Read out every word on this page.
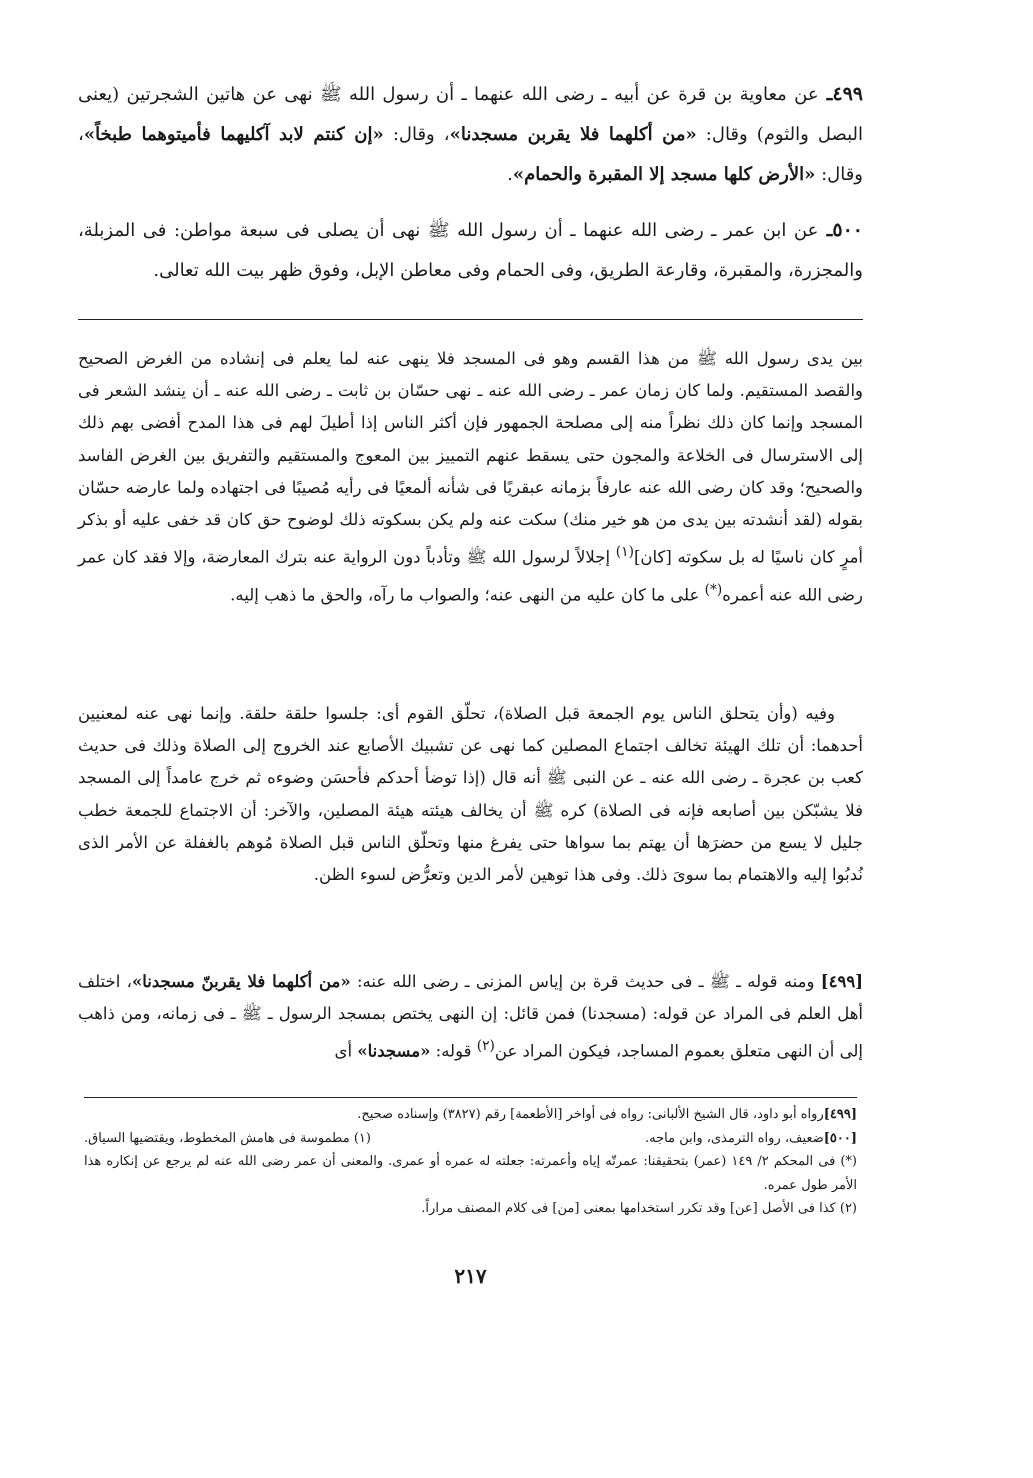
٤٩٩ـ عن معاوية بن قرة عن أبيه ـ رضى الله عنهما ـ أن رسول الله ﷺ نهى عن هاتين الشجرتين (يعنى البصل والثوم) وقال: «من أكلهما فلا يقربن مسجدنا»، وقال: «إن كنتم لابد آكليهما فأميتوهما طبخاً»، وقال: «الأرض كلها مسجد إلا المقبرة والحمام».

٥٠٠ـ عن ابن عمر ـ رضى الله عنهما ـ أن رسول الله ﷺ نهى أن يصلى فى سبعة مواطن: فى المزبلة، والمجزرة، والمقبرة، وقارعة الطريق، وفى الحمام وفى معاطن الإبل، وفوق ظهر بيت الله تعالى.

بين يدى رسول الله ﷺ من هذا القسم وهو فى المسجد فلا ينهى عنه لما يعلم فى إنشاده من الغرض الصحيح والقصد المستقيم. ولما كان زمان عمر ـ رضى الله عنه ـ نهى حسّان بن ثابت ـ رضى الله عنه ـ أن ينشد الشعر فى المسجد وإنما كان ذلك نظراً منه إلى مصلحة الجمهور فإن أكثر الناس إذا أطيلَ لهم فى هذا المدح أفضى بهم ذلك إلى الاسترسال فى الخلاعة والمجون حتى يسقط عنهم التمييز بين المعوج والمستقيم والتفريق بين الغرض الفاسد والصحيح؛ وقد كان رضى الله عنه عارفاً بزمانه عبقريًا فى شأنه ألمعيًا فى رأيه مُصيبًا فى اجتهاده ولما عارضه حسّان بقوله (لقد أنشدته بين يدى من هو خير منك) سكت عنه ولم يكن بسكوته ذلك لوضوح حق كان قد خفى عليه أو بذكر أمرٍ كان ناسيًا له بل سكوته [كان]$^{(١)}$ إجلالاً لرسول الله ﷺ وتأدباً دون الرواية عنه بترك المعارضة، وإلا فقد كان عمر رضى الله عنه أعمره(*) على ما كان عليه من النهى عنه؛ والصواب ما رآه، والحق ما ذهب إليه.

وفيه (وأن يتحلق الناس يوم الجمعة قبل الصلاة)، تحلّق القوم أى: جلسوا حلقة حلقة. وإنما نهى عنه لمعنيين أحدهما: أن تلك الهيئة تخالف اجتماع المصلين كما نهى عن تشبيك الأصابع عند الخروج إلى الصلاة وذلك فى حديث كعب بن عجرة ـ رضى الله عنه ـ عن النبى ﷺ أنه قال (إذا توضأ أحدكم فأحسَن وضوءه ثم خرج عامداً إلى المسجد فلا يشبّكن بين أصابعه فإنه فى الصلاة) كره ﷺ أن يخالف هيئته هيئة المصلين، والآخر: أن الاجتماع للجمعة خطب جليل لا يسع من حضرَها أن يهتم بما سواها حتى يفرغ منها وتحلّق الناس قبل الصلاة مُوهم بالغفلة عن الأمر الذى نُدبُوا إليه والاهتمام بما سوىَ ذلك. وفى هذا توهين لأمر الدين وتعرُّض لسوء الظن.

[٤٩٩] ومنه قوله ـ ﷺ ـ فى حديث قرة بن إياس المزنى ـ رضى الله عنه: «من أكلهما فلا يقربنّ مسجدنا»، اختلف أهل العلم فى المراد عن قوله: (مسجدنا) فمن قائل: إن النهى يختص بمسجد الرسول ـ ﷺ ـ فى زمانه، ومن ذاهب إلى أن النهى متعلق بعموم المساجد، فيكون المراد عن$^{(٢)}$ قوله: «مسجدنا» أى

[٤٩٩]رواه أبو داود، قال الشيخ الألبانى: رواه فى أواخر [الأطعمة] رقم (٣٨٢٧) وإسناده صحيح.

[٥٠٠]ضعيف، رواه الترمذى، وابن ماجه.
(١) مطموسة فى هامش المخطوط، ويقتضيها السياق.

(*) فى المحكم ٢/ ١٤٩ (عمر) بتحقيقنا: عمرتّه إياه وأعمرته: جعلته له عمره أو عمرى. والمعنى أن عمر رضى الله عنه لم يرجع عن إنكاره هذا الأمر طول عمره.

(٢) كذا فى الأصل [عن] وقد تكرر استخدامها بمعنى [من] فى كلام المصنف مراراً.

٢١٧
